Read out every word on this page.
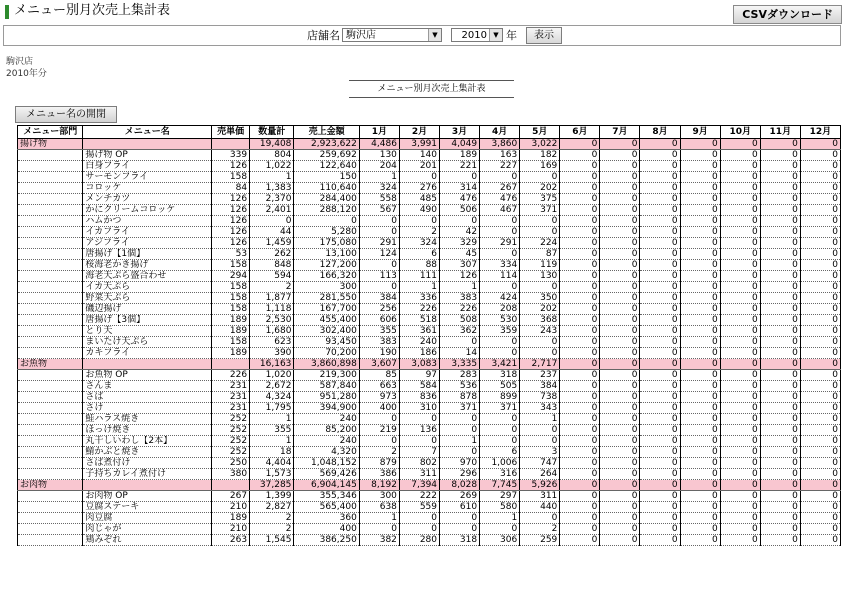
メニュー別月次売上集計表	CSVダウンロード
店舗名 駒沢店	▼	2010 ▼ 年	表示
駒沢店
2010年分
メニュー別月次売上集計表
メニュー名の開閉
メニュー部門	メニュー名	売単価	数量計	売上金額	1月	2月	3月	4月	5月	6月	7月	8月	9月	10月	11月	12月
揚げ物			19,408	2,923,622	4,486	3,991	4,049	3,860	3,022	0	0	0	0	0	0	0
	揚げ物 OP	339	804	259,692	130	140	189	163	182	0	0	0	0	0	0	0
	白身フライ	126	1,022	122,640	204	201	221	227	169	0	0	0	0	0	0	0
	サーモンフライ	158	1	150	1	0	0	0	0	0	0	0	0	0	0	0
	コロッケ	84	1,383	110,640	324	276	314	267	202	0	0	0	0	0	0	0
	メンチカツ	126	2,370	284,400	558	485	476	476	375	0	0	0	0	0	0	0
	かにクリームコロッケ	126	2,401	288,120	567	490	506	467	371	0	0	0	0	0	0	0
	ハムかつ	126	0	0	0	0	0	0	0	0	0	0	0	0	0	0
	イカフライ	126	44	5,280	0	2	42	0	0	0	0	0	0	0	0	0
	アジフライ	126	1,459	175,080	291	324	329	291	224	0	0	0	0	0	0	0
	唐揚げ【1個】	53	262	13,100	124	6	45	0	87	0	0	0	0	0	0	0
	桜海老かき揚げ	158	848	127,200	0	88	307	334	119	0	0	0	0	0	0	0
	海老天ぷら盛合わせ	294	594	166,320	113	111	126	114	130	0	0	0	0	0	0	0
	イカ天ぷら	158	2	300	0	1	1	0	0	0	0	0	0	0	0	0
	野菜天ぷら	158	1,877	281,550	384	336	383	424	350	0	0	0	0	0	0	0
	磯辺揚げ	158	1,118	167,700	256	226	226	208	202	0	0	0	0	0	0	0
	唐揚げ【3個】	189	2,530	455,400	606	518	508	530	368	0	0	0	0	0	0	0
	とり天	189	1,680	302,400	355	361	362	359	243	0	0	0	0	0	0	0
	まいたけ天ぷら	158	623	93,450	383	240	0	0	0	0	0	0	0	0	0	0
	カキフライ	189	390	70,200	190	186	14	0	0	0	0	0	0	0	0	0
お魚物			16,163	3,860,898	3,607	3,083	3,335	3,421	2,717	0	0	0	0	0	0	0
	お魚物 OP	226	1,020	219,300	85	97	283	318	237	0	0	0	0	0	0	0
	さんま	231	2,672	587,840	663	584	536	505	384	0	0	0	0	0	0	0
	さば	231	4,324	951,280	973	836	878	899	738	0	0	0	0	0	0	0
	さけ	231	1,795	394,900	400	310	371	371	343	0	0	0	0	0	0	0
	鮭ハラス焼き	252	1	240	0	0	0	0	1	0	0	0	0	0	0	0
	ほっけ焼き	252	355	85,200	219	136	0	0	0	0	0	0	0	0	0	0
	丸干しいわし【2本】	252	1	240	0	0	1	0	0	0	0	0	0	0	0	0
	鯖かぶと焼き	252	18	4,320	2	7	0	6	3	0	0	0	0	0	0	0
	さば煮付け	250	4,404	1,048,152	879	802	970	1,006	747	0	0	0	0	0	0	0
	子持ちカレイ煮付け	380	1,573	569,426	386	311	296	316	264	0	0	0	0	0	0	0
お肉物			37,285	6,904,145	8,192	7,394	8,028	7,745	5,926	0	0	0	0	0	0	0
	お肉物 OP	267	1,399	355,346	300	222	269	297	311	0	0	0	0	0	0	0
	豆腐ステーキ	210	2,827	565,400	638	559	610	580	440	0	0	0	0	0	0	0
	肉豆腐	189	2	360	1	0	0	1	0	0	0	0	0	0	0	0
	肉じゃが	210	2	400	0	0	0	0	2	0	0	0	0	0	0	0
	鶏みぞれ	263	1,545	386,250	382	280	318	306	259	0	0	0	0	0	0	0
